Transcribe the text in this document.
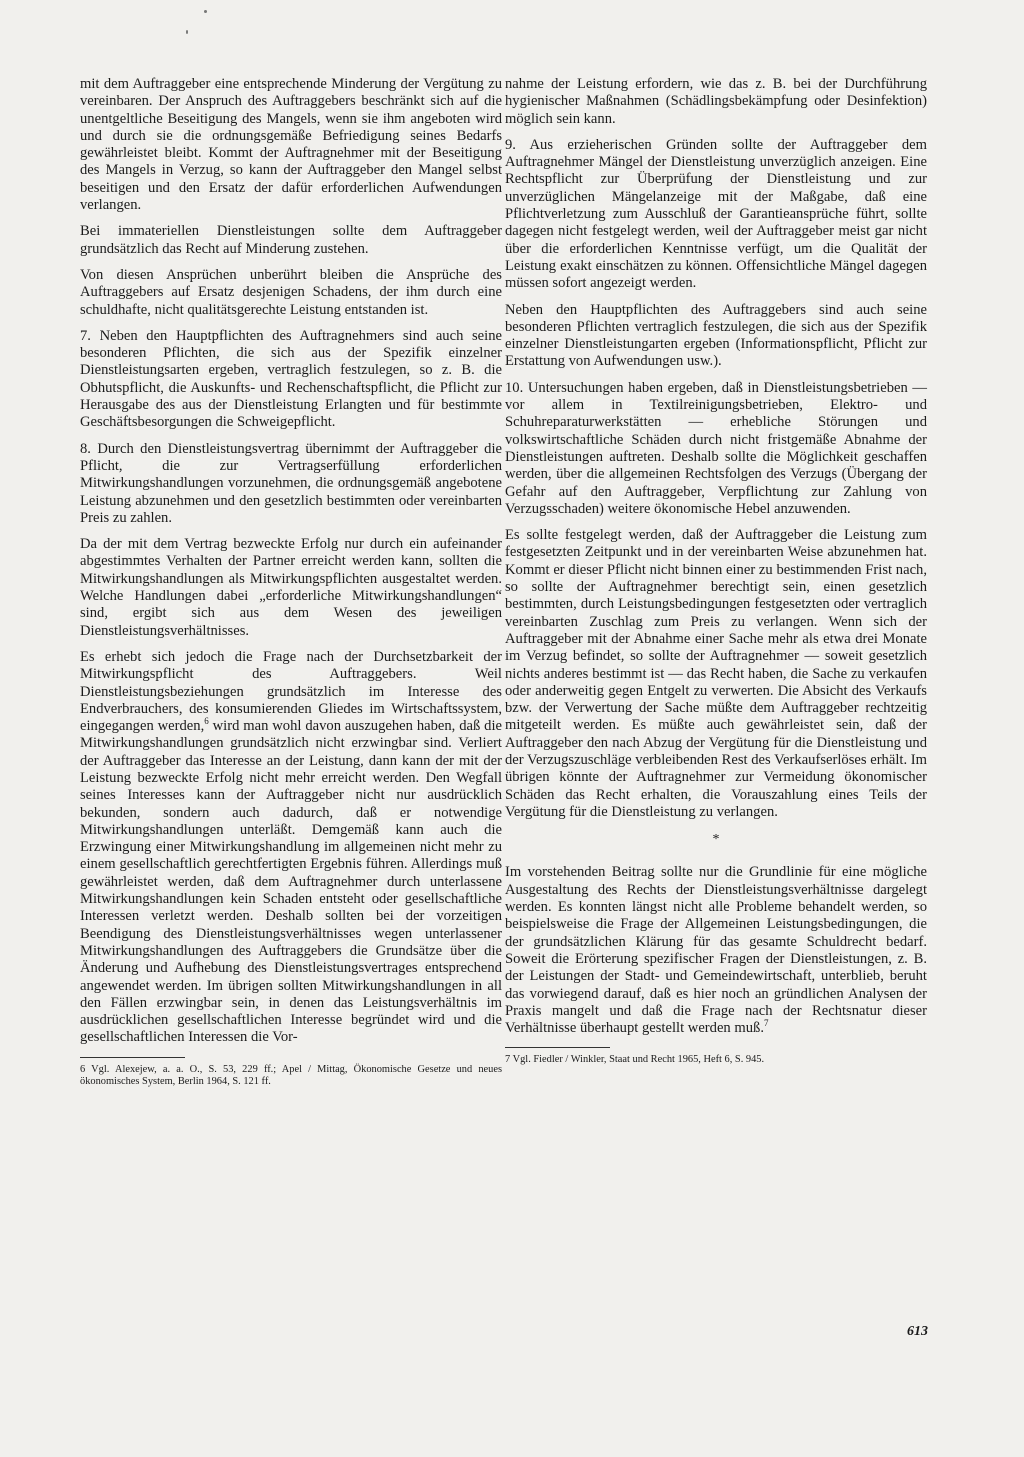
mit dem Auftraggeber eine entsprechende Minderung der Vergütung zu vereinbaren. Der Anspruch des Auftraggebers beschränkt sich auf die unentgeltliche Beseitigung des Mangels, wenn sie ihm angeboten wird und durch sie die ordnungsgemäße Befriedigung seines Bedarfs gewährleistet bleibt. Kommt der Auftragnehmer mit der Beseitigung des Mangels in Verzug, so kann der Auftraggeber den Mangel selbst beseitigen und den Ersatz der dafür erforderlichen Aufwendungen verlangen.

Bei immateriellen Dienstleistungen sollte dem Auftraggeber grundsätzlich das Recht auf Minderung zustehen.

Von diesen Ansprüchen unberührt bleiben die Ansprüche des Auftraggebers auf Ersatz desjenigen Schadens, der ihm durch eine schuldhafte, nicht qualitätsgerechte Leistung entstanden ist.

7. Neben den Hauptpflichten des Auftragnehmers sind auch seine besonderen Pflichten, die sich aus der Spezifik einzelner Dienstleistungsarten ergeben, vertraglich festzulegen, so z. B. die Obhutspflicht, die Auskunfts- und Rechenschaftspflicht, die Pflicht zur Herausgabe des aus der Dienstleistung Erlangten und für bestimmte Geschäftsbesorgungen die Schweigepflicht.

8. Durch den Dienstleistungsvertrag übernimmt der Auftraggeber die Pflicht, die zur Vertragserfüllung erforderlichen Mitwirkungshandlungen vorzunehmen, die ordnungsgemäß angebotene Leistung abzunehmen und den gesetzlich bestimmten oder vereinbarten Preis zu zahlen.

Da der mit dem Vertrag bezweckte Erfolg nur durch ein aufeinander abgestimmtes Verhalten der Partner erreicht werden kann, sollten die Mitwirkungshandlungen als Mitwirkungspflichten ausgestaltet werden. Welche Handlungen dabei „erforderliche Mitwirkungshandlungen“ sind, ergibt sich aus dem Wesen des jeweiligen Dienstleistungsverhältnisses.

Es erhebt sich jedoch die Frage nach der Durchsetzbarkeit der Mitwirkungspflicht des Auftraggebers. Weil Dienstleistungsbeziehungen grundsätzlich im Interesse des Endverbrauchers, des konsumierenden Gliedes im Wirtschaftssystem, eingegangen werden,$^6$ wird man wohl davon auszugehen haben, daß die Mitwirkungshandlungen grundsätzlich nicht erzwingbar sind. Verliert der Auftraggeber das Interesse an der Leistung, dann kann der mit der Leistung bezweckte Erfolg nicht mehr erreicht werden. Den Wegfall seines Interesses kann der Auftraggeber nicht nur ausdrücklich bekunden, sondern auch dadurch, daß er notwendige Mitwirkungshandlungen unterläßt. Demgemäß kann auch die Erzwingung einer Mitwirkungshandlung im allgemeinen nicht mehr zu einem gesellschaftlich gerechtfertigten Ergebnis führen. Allerdings muß gewährleistet werden, daß dem Auftragnehmer durch unterlassene Mitwirkungshandlungen kein Schaden entsteht oder gesellschaftliche Interessen verletzt werden. Deshalb sollten bei der vorzeitigen Beendigung des Dienstleistungsverhältnisses wegen unterlassener Mitwirkungshandlungen des Auftraggebers die Grundsätze über die Änderung und Aufhebung des Dienstleistungsvertrages entsprechend angewendet werden. Im übrigen sollten Mitwirkungshandlungen in all den Fällen erzwingbar sein, in denen das Leistungsverhältnis im ausdrücklichen gesellschaftlichen Interesse begründet wird und die gesellschaftlichen Interessen die Vor-

6 Vgl. Alexejew, a. a. O., S. 53, 229 ff.; Apel / Mittag, Ökonomische Gesetze und neues ökonomisches System, Berlin 1964, S. 121 ff.

nahme der Leistung erfordern, wie das z. B. bei der Durchführung hygienischer Maßnahmen (Schädlingsbekämpfung oder Desinfektion) möglich sein kann.

9. Aus erzieherischen Gründen sollte der Auftraggeber dem Auftragnehmer Mängel der Dienstleistung unverzüglich anzeigen. Eine Rechtspflicht zur Überprüfung der Dienstleistung und zur unverzüglichen Mängelanzeige mit der Maßgabe, daß eine Pflichtverletzung zum Ausschluß der Garantieansprüche führt, sollte dagegen nicht festgelegt werden, weil der Auftraggeber meist gar nicht über die erforderlichen Kenntnisse verfügt, um die Qualität der Leistung exakt einschätzen zu können. Offensichtliche Mängel dagegen müssen sofort angezeigt werden.

Neben den Hauptpflichten des Auftraggebers sind auch seine besonderen Pflichten vertraglich festzulegen, die sich aus der Spezifik einzelner Dienstleistungarten ergeben (Informationspflicht, Pflicht zur Erstattung von Aufwendungen usw.).

10. Untersuchungen haben ergeben, daß in Dienstleistungsbetrieben — vor allem in Textilreinigungsbetrieben, Elektro- und Schuhreparaturwerkstätten — erhebliche Störungen und volkswirtschaftliche Schäden durch nicht fristgemäße Abnahme der Dienstleistungen auftreten. Deshalb sollte die Möglichkeit geschaffen werden, über die allgemeinen Rechtsfolgen des Verzugs (Übergang der Gefahr auf den Auftraggeber, Verpflichtung zur Zahlung von Verzugsschaden) weitere ökonomische Hebel anzuwenden.

Es sollte festgelegt werden, daß der Auftraggeber die Leistung zum festgesetzten Zeitpunkt und in der vereinbarten Weise abzunehmen hat. Kommt er dieser Pflicht nicht binnen einer zu bestimmenden Frist nach, so sollte der Auftragnehmer berechtigt sein, einen gesetzlich bestimmten, durch Leistungsbedingungen festgesetzten oder vertraglich vereinbarten Zuschlag zum Preis zu verlangen. Wenn sich der Auftraggeber mit der Abnahme einer Sache mehr als etwa drei Monate im Verzug befindet, so sollte der Auftragnehmer — soweit gesetzlich nichts anderes bestimmt ist — das Recht haben, die Sache zu verkaufen oder anderweitig gegen Entgelt zu verwerten. Die Absicht des Verkaufs bzw. der Verwertung der Sache müßte dem Auftraggeber rechtzeitig mitgeteilt werden. Es müßte auch gewährleistet sein, daß der Auftraggeber den nach Abzug der Vergütung für die Dienstleistung und der Verzugszuschläge verbleibenden Rest des Verkaufserlöses erhält. Im übrigen könnte der Auftragnehmer zur Vermeidung ökonomischer Schäden das Recht erhalten, die Vorauszahlung eines Teils der Vergütung für die Dienstleistung zu verlangen.

*

Im vorstehenden Beitrag sollte nur die Grundlinie für eine mögliche Ausgestaltung des Rechts der Dienstleistungsverhältnisse dargelegt werden. Es konnten längst nicht alle Probleme behandelt werden, so beispielsweise die Frage der Allgemeinen Leistungsbedingungen, die der grundsätzlichen Klärung für das gesamte Schuldrecht bedarf. Soweit die Erörterung spezifischer Fragen der Dienstleistungen, z. B. der Leistungen der Stadt- und Gemeindewirtschaft, unterblieb, beruht das vorwiegend darauf, daß es hier noch an gründlichen Analysen der Praxis mangelt und daß die Frage nach der Rechtsnatur dieser Verhältnisse überhaupt gestellt werden muß.$^7$

7 Vgl. Fiedler / Winkler, Staat und Recht 1965, Heft 6, S. 945.

613
